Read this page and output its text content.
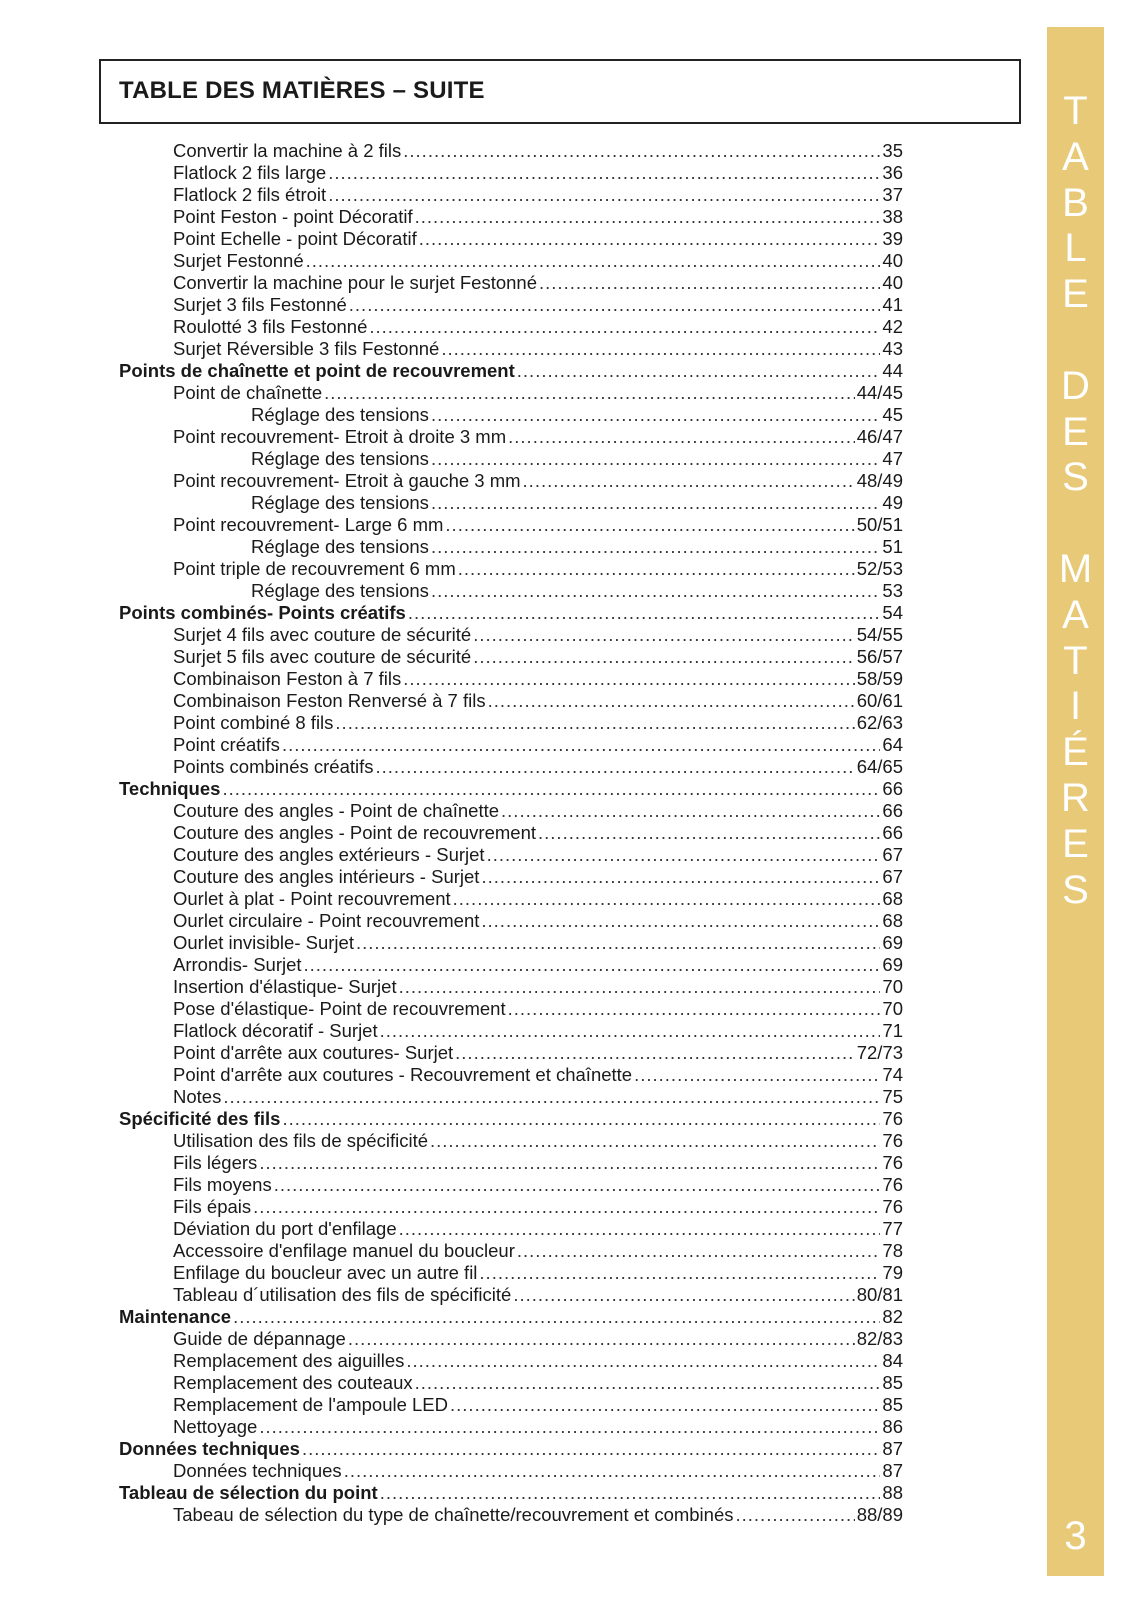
TABLE DES MATIÈRES – SUITE
Convertir la machine à 2 fils .....	35
Flatlock 2 fils large .....	36
Flatlock 2 fils étroit .....	37
Point Feston - point Décoratif .....	38
Point Echelle - point Décoratif .....	39
Surjet Festonné .....	40
Convertir la machine pour le surjet Festonné .....	40
Surjet 3 fils Festonné .....	41
Roulotté 3 fils Festonné .....	42
Surjet Réversible 3 fils Festonné .....	43
Points de chaînette et point de recouvrement .....	44
Point de chaînette .....	44/45
Réglage des tensions .....	45
Point recouvrement- Etroit à droite 3 mm .....	46/47
Réglage des tensions .....	47
Point recouvrement- Etroit à gauche 3 mm .....	48/49
Réglage des tensions .....	49
Point recouvrement- Large 6 mm .....	50/51
Réglage des tensions .....	51
Point triple de recouvrement 6 mm .....	52/53
Réglage des tensions .....	53
Points combinés- Points créatifs .....	54
Surjet 4 fils avec couture de sécurité .....	54/55
Surjet 5 fils avec couture de sécurité .....	56/57
Combinaison Feston à 7 fils .....	58/59
Combinaison Feston Renversé à 7 fils .....	60/61
Point combiné 8 fils .....	62/63
Point créatifs .....	64
Points combinés créatifs .....	64/65
Techniques .....	66
Couture des angles - Point de chaînette .....	66
Couture des angles - Point de recouvrement .....	66
Couture des angles extérieurs - Surjet .....	67
Couture des angles intérieurs - Surjet .....	67
Ourlet à plat - Point recouvrement .....	68
Ourlet circulaire - Point recouvrement .....	68
Ourlet invisible- Surjet .....	69
Arrondis- Surjet .....	69
Insertion d'élastique- Surjet .....	70
Pose d'élastique- Point de recouvrement .....	70
Flatlock décoratif - Surjet .....	71
Point d'arrête aux coutures- Surjet .....	72/73
Point d'arrête aux coutures - Recouvrement et chaînette .....	74
Notes .....	75
Spécificité des fils .....	76
Utilisation des fils de spécificité .....	76
Fils légers .....	76
Fils moyens .....	76
Fils épais .....	76
Déviation du port d'enfilage .....	77
Accessoire d'enfilage manuel du boucleur .....	78
Enfilage du boucleur avec un autre fil .....	79
Tableau d´utilisation des fils de spécificité .....	80/81
Maintenance .....	82
Guide de dépannage .....	82/83
Remplacement des aiguilles .....	84
Remplacement des couteaux .....	85
Remplacement de l'ampoule LED .....	85
Nettoyage .....	86
Données techniques .....	87
Données techniques .....	87
Tableau de sélection du point .....	88
Tabeau de sélection du type de chaînette/recouvrement et combinés .....	88/89
T
A
B
L
E
D
E
S
M
A
T
I
É
R
E
S
3
